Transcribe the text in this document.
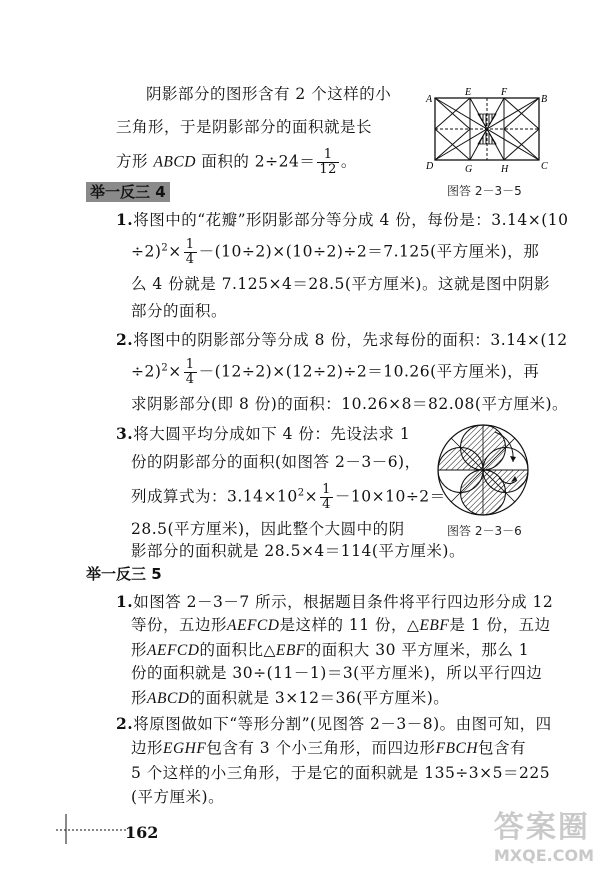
阴影部分的图形含有 2 个这样的小
三角形，于是阴影部分的面积就是长
方形 ABCD 面积的 $2\div 24= \frac{1}{12}$ 。
A
E	F
B
D	G	H	C
图答 2－3－5
举一反三 4
1.将图中的“花瓣”形阴影部分等分成 4 份，每份是：3.14×(10
$\div 2)^2\times \frac{1}{4} -(10\div 2)\times(10\div 2)\div 2=7.125$(平方厘米)，那
么 4 份就是 7.125×4＝28.5(平方厘米)。这就是图中阴影
部分的面积。
2.将图中的阴影部分等分成 8 份，先求每份的面积：3.14×(12
$\div 2)^2\times \frac{1}{4} -(12\div 2)\times(12\div 2)\div 2=10.26$(平方厘米)，再
求阴影部分(即 8 份)的面积：10.26×8＝82.08(平方厘米)。
3.将大圆平均分成如下 4 份：先设法求 1
份的阴影部分的面积(如图答 2－3－6)，
列成算式为：$3.14\times 10^2\times \frac{1}{4} -10\times 10\div 2=$
28.5(平方厘米)，因此整个大圆中的阴
影部分的面积就是 28.5×4＝114(平方厘米)。
图答 2－3－6
举一反三 5
1.如图答 2－3－7 所示，根据题目条件将平行四边形分成 12
等份，五边形AEFCD是这样的 11 份，△EBF是 1 份，五边
形AEFCD的面积比△EBF的面积大 30 平方厘米，那么 1
份的面积就是 30÷(11－1)＝3(平方厘米)，所以平行四边
形ABCD的面积就是 3×12＝36(平方厘米)。
2.将原图做如下“等形分割”(见图答 2－3－8)。由图可知，四
边形EGHF包含有 3 个小三角形，而四边形FBCH包含有
5 个这样的小三角形，于是它的面积就是 135÷3×5＝225
(平方厘米)。
162	答案圈
MXQE.COM
